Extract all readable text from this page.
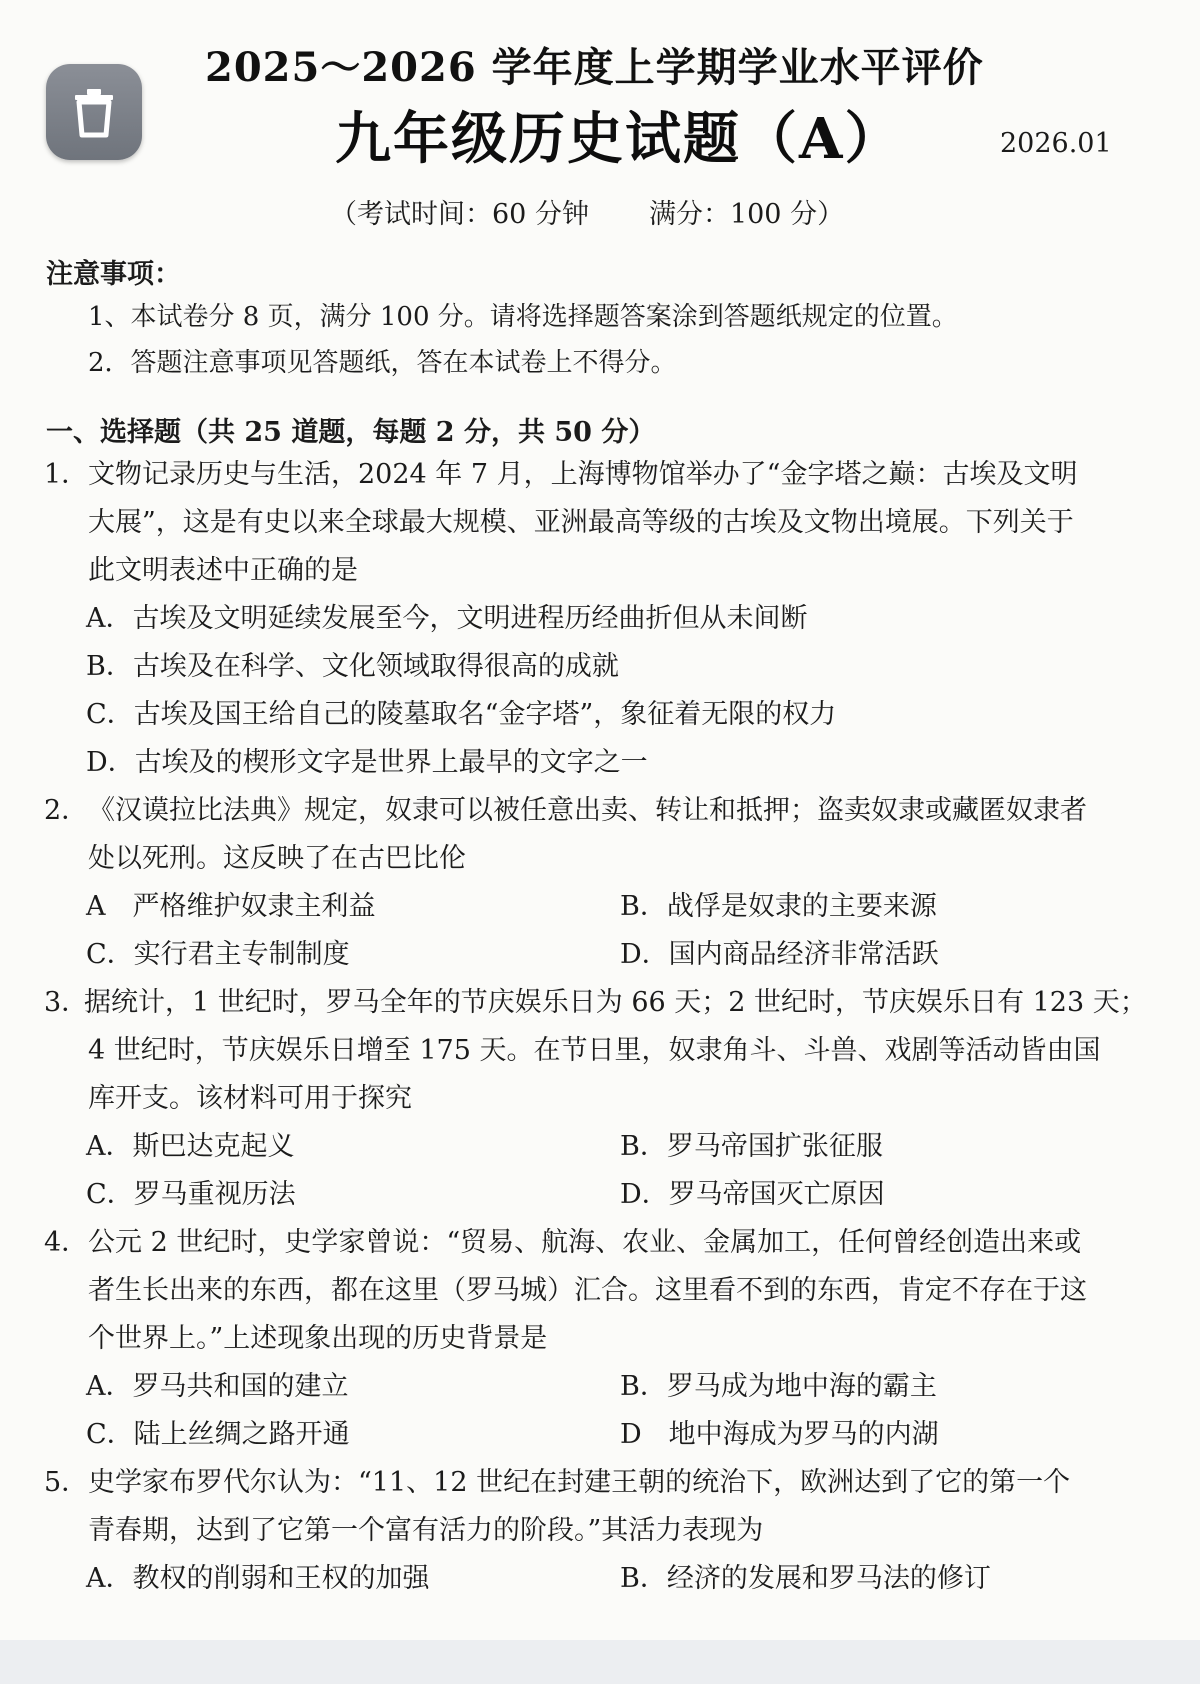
2025～2026 学年度上学期学业水平评价
九年级历史试题（A）	2026.01
（考试时间：60 分钟 满分：100 分）
注意事项：
1、本试卷分 8 页，满分 100 分。请将选择题答案涂到答题纸规定的位置。
2．答题注意事项见答题纸，答在本试卷上不得分。
一、选择题（共 25 道题，每题 2 分，共 50 分）
1． 文物记录历史与生活，2024 年 7 月，上海博物馆举办了“金字塔之巅：古埃及文明
大展”，这是有史以来全球最大规模、亚洲最高等级的古埃及文物出境展。下列关于
此文明表述中正确的是
A．古埃及文明延续发展至今，文明进程历经曲折但从未间断
B．古埃及在科学、文化领域取得很高的成就
C．古埃及国王给自己的陵墓取名“金字塔”，象征着无限的权力
D．古埃及的楔形文字是世界上最早的文字之一
2． 《汉谟拉比法典》规定，奴隶可以被任意出卖、转让和抵押；盗卖奴隶或藏匿奴隶者
处以死刑。这反映了在古巴比伦
A　严格维护奴隶主利益	B．战俘是奴隶的主要来源
C．实行君主专制制度	D．国内商品经济非常活跃
3．
据统计，1 世纪时，罗马全年的节庆娱乐日为 66 天；2 世纪时，节庆娱乐日有 123 天；
4 世纪时，节庆娱乐日增至 175 天。在节日里，奴隶角斗、斗兽、戏剧等活动皆由国
库开支。该材料可用于探究
A．斯巴达克起义	B．罗马帝国扩张征服
C．罗马重视历法	D．罗马帝国灭亡原因
4． 公元 2 世纪时，史学家曾说：“贸易、航海、农业、金属加工，任何曾经创造出来或
者生长出来的东西，都在这里（罗马城）汇合。这里看不到的东西，肯定不存在于这
个世界上。”上述现象出现的历史背景是
A．罗马共和国的建立	B．罗马成为地中海的霸主
C．陆上丝绸之路开通	D　地中海成为罗马的内湖
5． 史学家布罗代尔认为：“11、12 世纪在封建王朝的统治下，欧洲达到了它的第一个
青春期，达到了它第一个富有活力的阶段。”其活力表现为
A．教权的削弱和王权的加强	B．经济的发展和罗马法的修订
